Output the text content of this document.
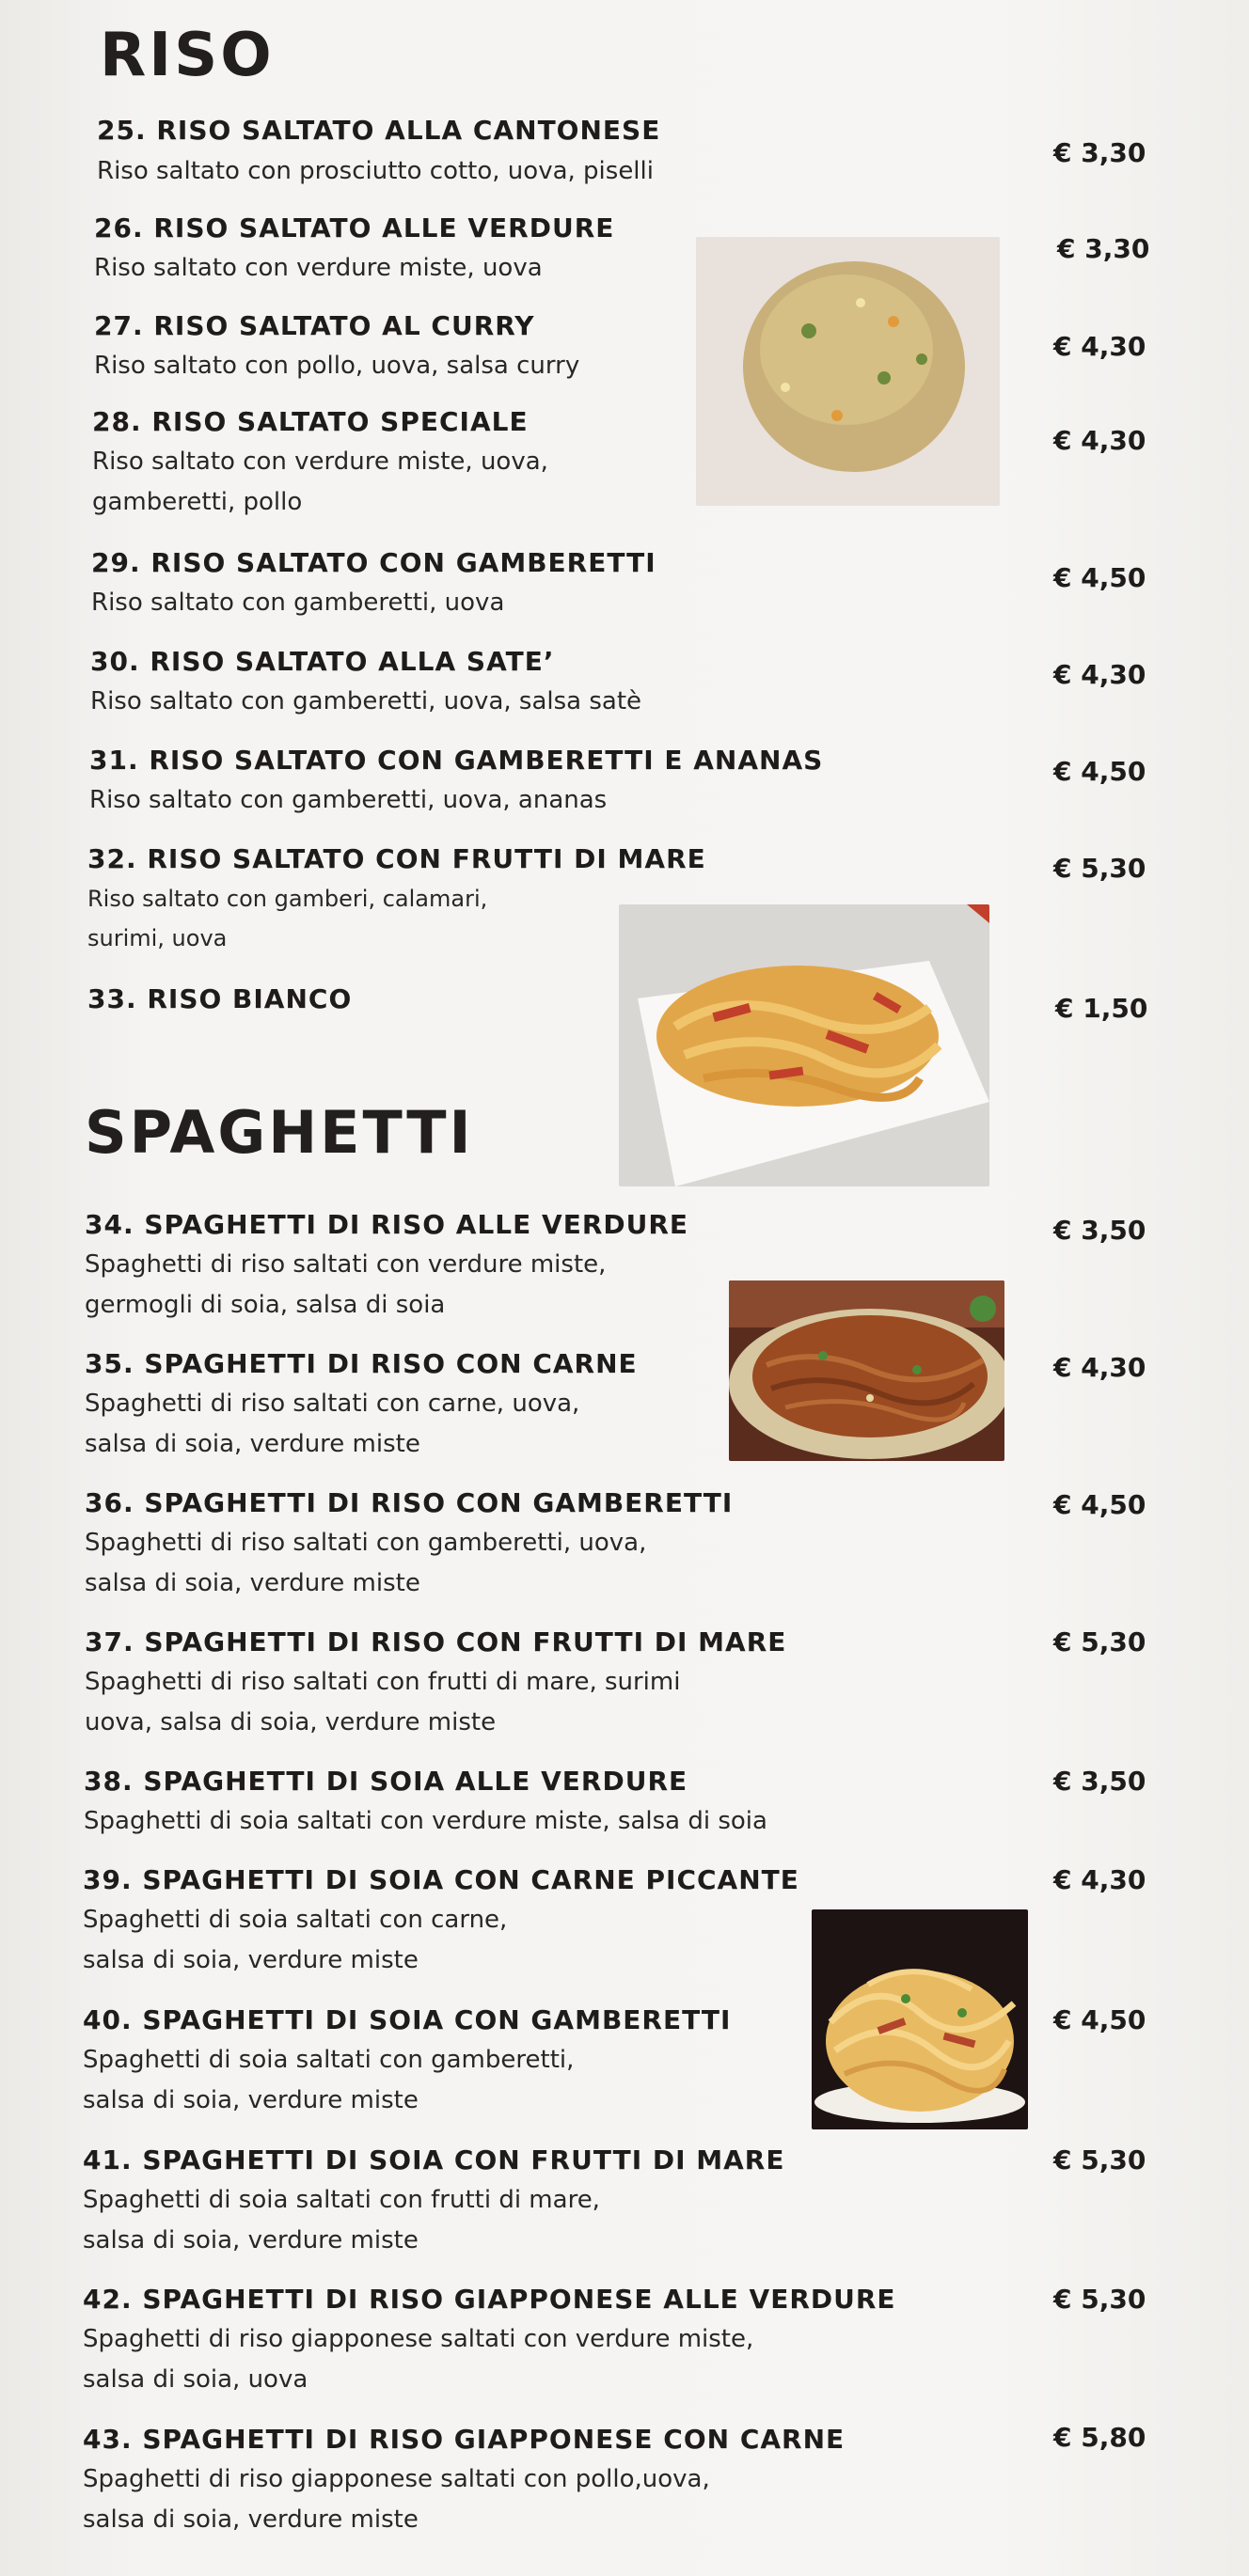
RISO

25. RISO SALTATO ALLA CANTONESE

Riso saltato con prosciutto cotto, uova, piselli

€ 3,30

26. RISO SALTATO ALLE VERDURE

Riso saltato con verdure miste, uova

€ 3,30

27. RISO SALTATO AL CURRY

Riso saltato con pollo, uova, salsa curry

€ 4,30

28. RISO SALTATO SPECIALE

Riso saltato con verdure miste, uova,
gamberetti, pollo

€ 4,30

29. RISO SALTATO CON GAMBERETTI

Riso saltato con gamberetti, uova

€ 4,50

30. RISO SALTATO ALLA SATE’

Riso saltato con gamberetti, uova, salsa satè

€ 4,30

31. RISO SALTATO CON GAMBERETTI E ANANAS

Riso saltato con gamberetti, uova, ananas

€ 4,50

32. RISO SALTATO CON FRUTTI DI MARE

Riso saltato con gamberi, calamari,
surimi, uova

€ 5,30

33. RISO BIANCO	€ 1,50

SPAGHETTI

34. SPAGHETTI DI RISO ALLE VERDURE

Spaghetti di riso saltati con verdure miste,
germogli di soia, salsa di soia

€ 3,50

35. SPAGHETTI DI RISO CON CARNE

Spaghetti di riso saltati con carne, uova,
salsa di soia, verdure miste

€ 4,30

36. SPAGHETTI DI RISO CON GAMBERETTI

Spaghetti di riso saltati con gamberetti, uova,
salsa di soia, verdure miste

€ 4,50

37. SPAGHETTI DI RISO CON FRUTTI DI MARE

Spaghetti di riso saltati con frutti di mare, surimi
uova, salsa di soia, verdure miste

€ 5,30

38. SPAGHETTI DI SOIA ALLE VERDURE

Spaghetti di soia saltati con verdure miste, salsa di soia

€ 3,50

39. SPAGHETTI DI SOIA CON CARNE PICCANTE

Spaghetti di soia saltati con carne,
salsa di soia, verdure miste

€ 4,30

40. SPAGHETTI DI SOIA CON GAMBERETTI

Spaghetti di soia saltati con gamberetti,
salsa di soia, verdure miste

€ 4,50

41. SPAGHETTI DI SOIA CON FRUTTI DI MARE

Spaghetti di soia saltati con frutti di mare,
salsa di soia, verdure miste

€ 5,30

42. SPAGHETTI DI RISO GIAPPONESE ALLE VERDURE

Spaghetti di riso giapponese saltati con verdure miste,
salsa di soia, uova

€ 5,30

43. SPAGHETTI DI RISO GIAPPONESE CON CARNE

Spaghetti di riso giapponese saltati con pollo,uova,
salsa di soia, verdure miste

€ 5,80
